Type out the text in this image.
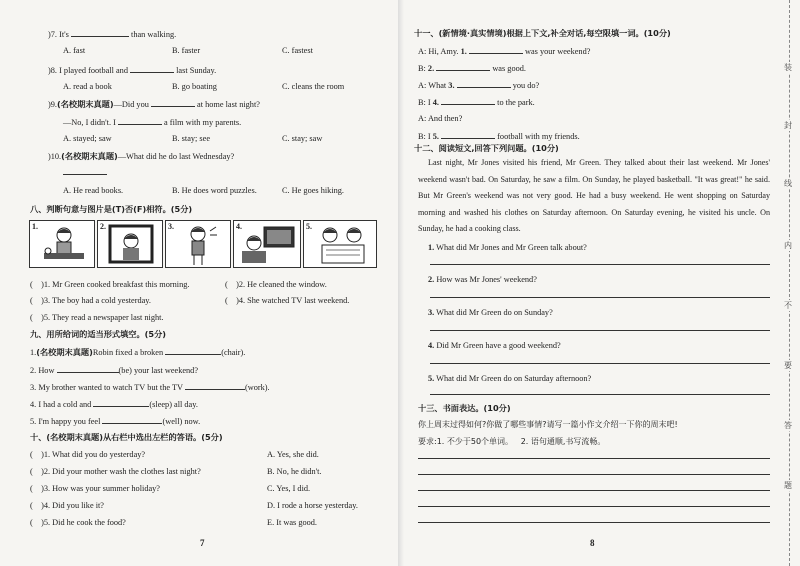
)7. It's	than walking.
A. fast	B. faster	C. fastest
)8. I played football and	last Sunday.
A. read a book	B. go boating	C. cleans the room
)9.(名校期末真题)—Did you	at home last night?
—No, I didn't. I	a film with my parents.
A. stayed; saw	B. stay; see	C. stay; saw
)10.(名校期末真题)—What did he do last Wednesday?
A. He read books.	B. He does word puzzles.	C. He goes hiking.
八、判断句意与图片是(T)否(F)相符。(5分)
1.	2.	3.	4.	5.
(    )1. Mr Green cooked breakfast this morning.	(    )2. He cleaned the window.
(    )3. The boy had a cold yesterday.	(    )4. She watched TV last weekend.
(    )5. They read a newspaper last night.
九、用所给词的适当形式填空。(5分)
1.(名校期末真题)Robin fixed a broken	(chair).
2. How	(be) your last weekend?
3. My brother wanted to watch TV but the TV	(work).
4. I had a cold and	(sleep) all day.
5. I'm happy you feel	(well) now.
十、(名校期末真题)从右栏中选出左栏的答语。(5分)
(    )1. What did you do yesterday?	A. Yes, she did.
(    )2. Did your mother wash the clothes last night?	B. No, he didn't.
(    )3. How was your summer holiday?	C. Yes, I did.
(    )4. Did you like it?	D. I rode a horse yesterday.
(    )5. Did he cook the food?	E. It was good.
7
十一、(新情境·真实情境)根据上下文,补全对话,每空限填一词。(10分)
A: Hi, Amy. 1.	was your weekend?
B: 2.	was good.
A: What 3.	you do?
B: I 4.	to the park.
A: And then?
B: I 5.	football with my friends.
十二、阅读短文,回答下列问题。(10分)
Last night, Mr Jones visited his friend, Mr Green. They talked about their last weekend. Mr Jones' weekend wasn't bad. On Saturday, he saw a film. On Sunday, he played basketball. "It was great!" he said. But Mr Green's weekend was not very good. He had a busy weekend. He went shopping on Saturday morning and washed his clothes on Saturday afternoon. On Saturday evening, he visited his uncle. On Sunday, he had a cooking class.
1. What did Mr Jones and Mr Green talk about?
2. How was Mr Jones' weekend?
3. What did Mr Green do on Sunday?
4. Did Mr Green have a good weekend?
5. What did Mr Green do on Saturday afternoon?
十三、书面表达。(10分)
你上周末过得如何?你做了哪些事情?请写一篇小作文介绍一下你的周末吧!
要求:1. 不少于50个单词。 2. 语句通顺,书写流畅。
8
装
封
线
内
不
要
答
题
